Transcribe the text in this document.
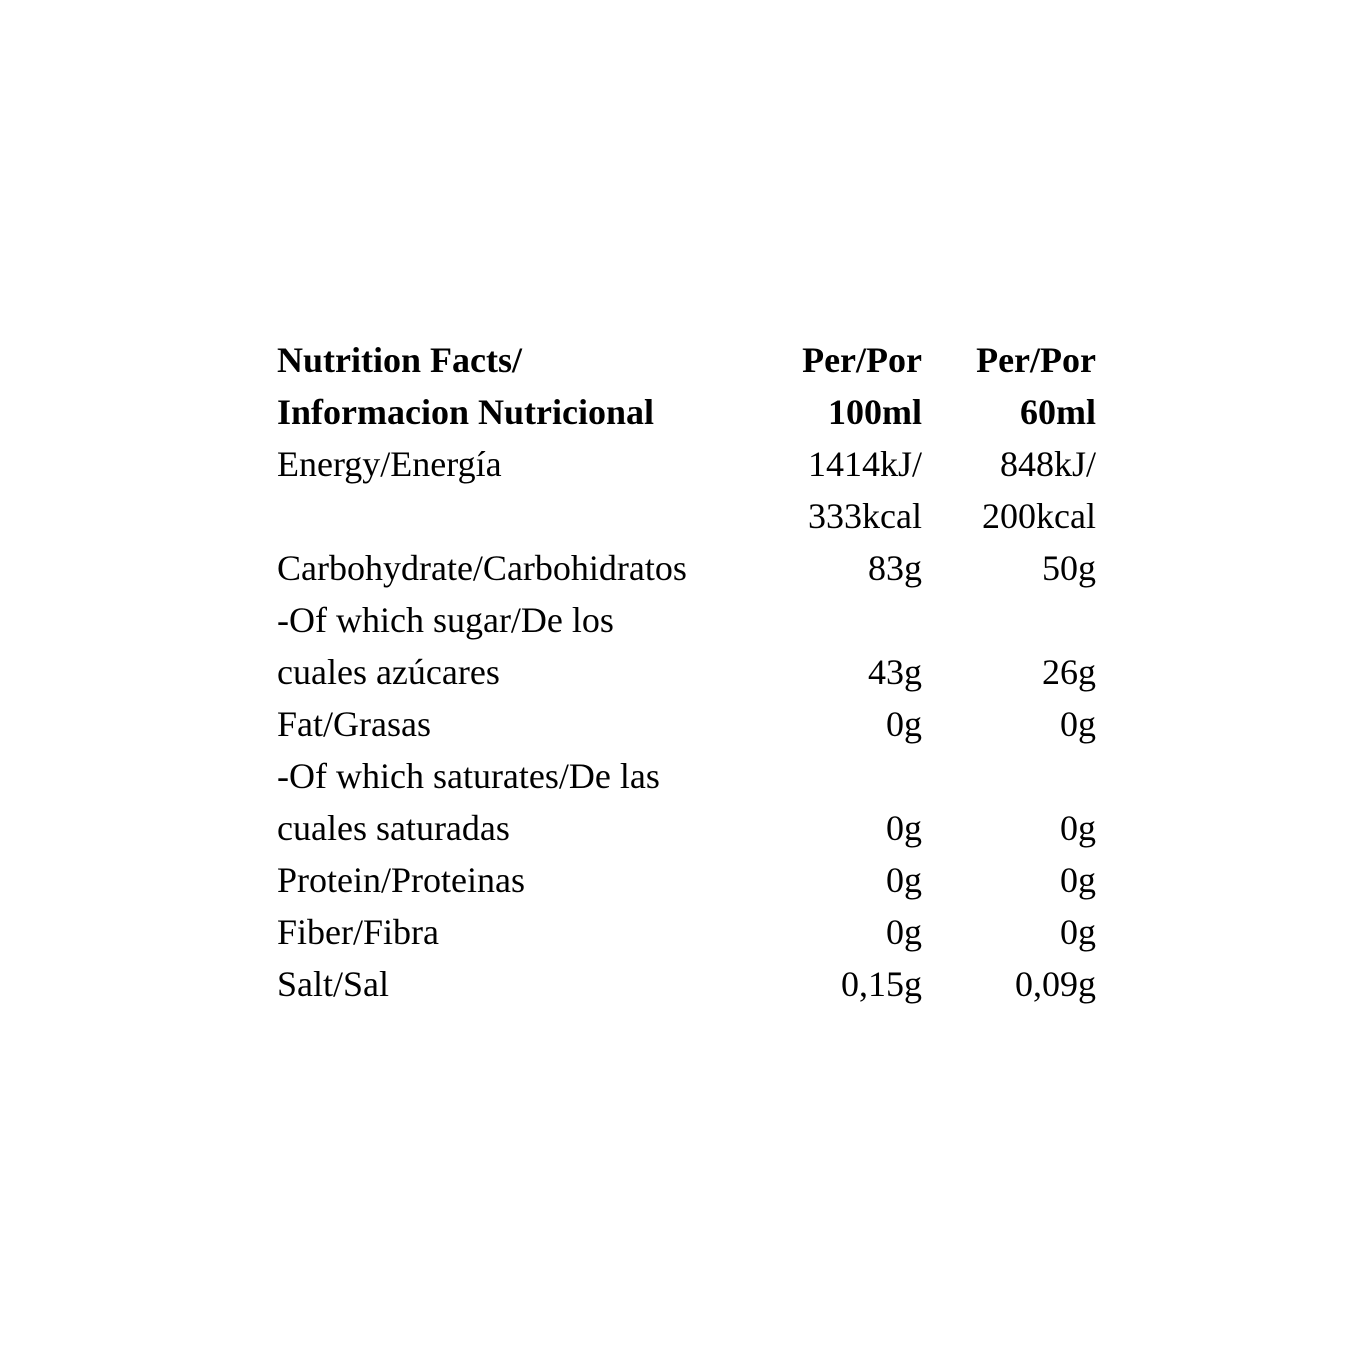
Nutrition Facts/	Per/Por	Per/Por
Informacion Nutricional	100ml	60ml
Energy/Energía	1414kJ/	848kJ/
333kcal	200kcal
Carbohydrate/Carbohidratos	83g	50g
-Of which sugar/De los
cuales azúcares	43g	26g
Fat/Grasas	0g	0g
-Of which saturates/De las
cuales saturadas	0g	0g
Protein/Proteinas	0g	0g
Fiber/Fibra	0g	0g
Salt/Sal	0,15g	0,09g
